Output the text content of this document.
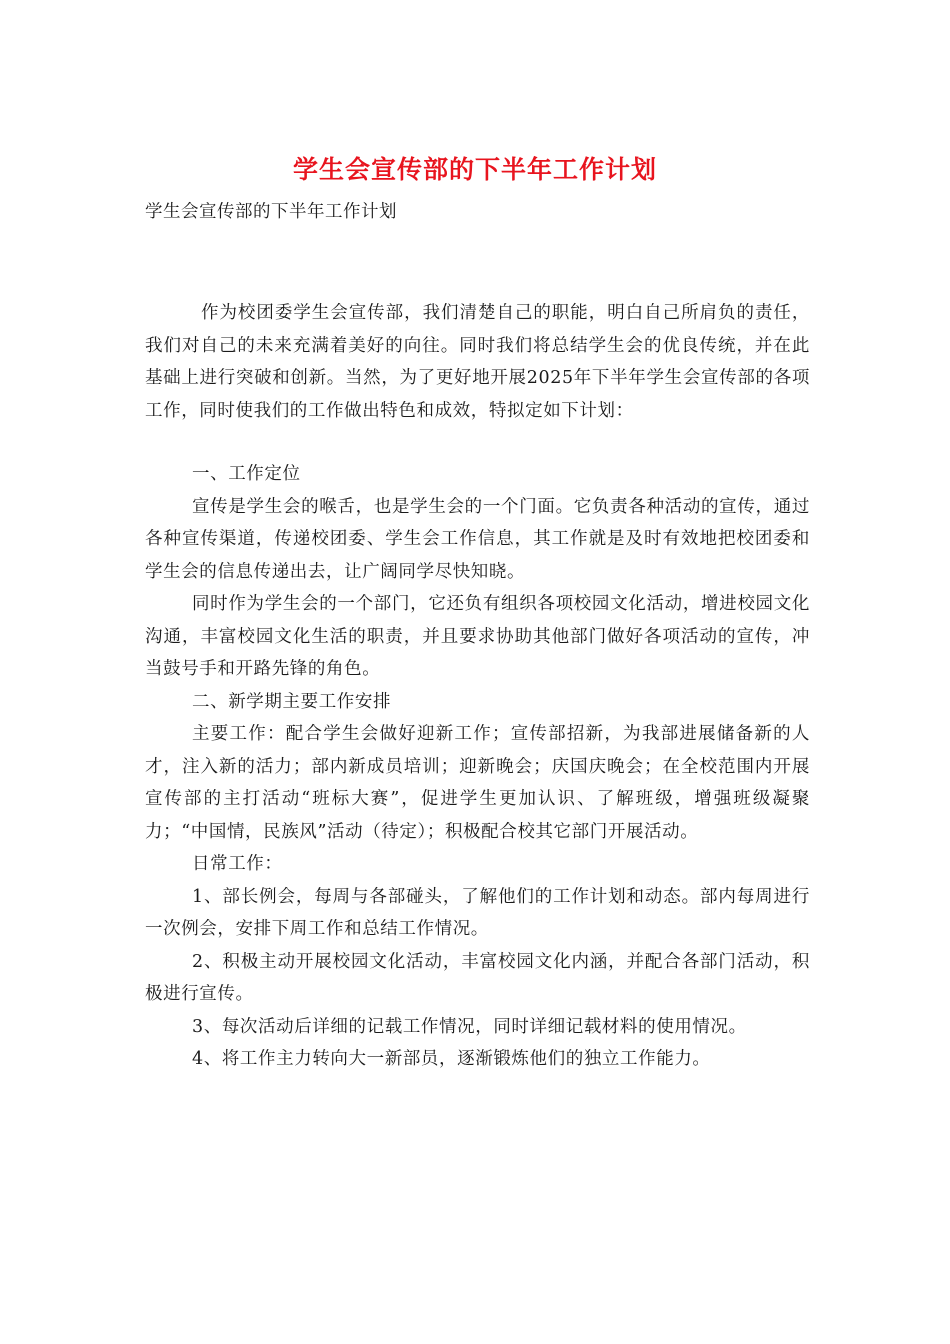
学生会宣传部的下半年工作计划
学生会宣传部的下半年工作计划

作为校团委学生会宣传部，我们清楚自己的职能，明白自己所肩负的责任，我们对自己的未来充满着美好的向往。同时我们将总结学生会的优良传统，并在此基础上进行突破和创新。当然，为了更好地开展2025年下半年学生会宣传部的各项工作，同时使我们的工作做出特色和成效，特拟定如下计划：

一、工作定位

宣传是学生会的喉舌，也是学生会的一个门面。它负责各种活动的宣传，通过各种宣传渠道，传递校团委、学生会工作信息，其工作就是及时有效地把校团委和学生会的信息传递出去，让广阔同学尽快知晓。

同时作为学生会的一个部门，它还负有组织各项校园文化活动，增进校园文化沟通，丰富校园文化生活的职责，并且要求协助其他部门做好各项活动的宣传，冲当鼓号手和开路先锋的角色。

二、新学期主要工作安排

主要工作：配合学生会做好迎新工作；宣传部招新，为我部进展储备新的人才，注入新的活力；部内新成员培训；迎新晚会；庆国庆晚会；在全校范围内开展宣传部的主打活动“班标大赛”，促进学生更加认识、了解班级，增强班级凝聚力；“中国情，民族风”活动（待定）；积极配合校其它部门开展活动。

日常工作：

1、部长例会，每周与各部碰头，了解他们的工作计划和动态。部内每周进行一次例会，安排下周工作和总结工作情况。

2、积极主动开展校园文化活动，丰富校园文化内涵，并配合各部门活动，积极进行宣传。

3、每次活动后详细的记载工作情况，同时详细记载材料的使用情况。

4、将工作主力转向大一新部员，逐渐锻炼他们的独立工作能力。
